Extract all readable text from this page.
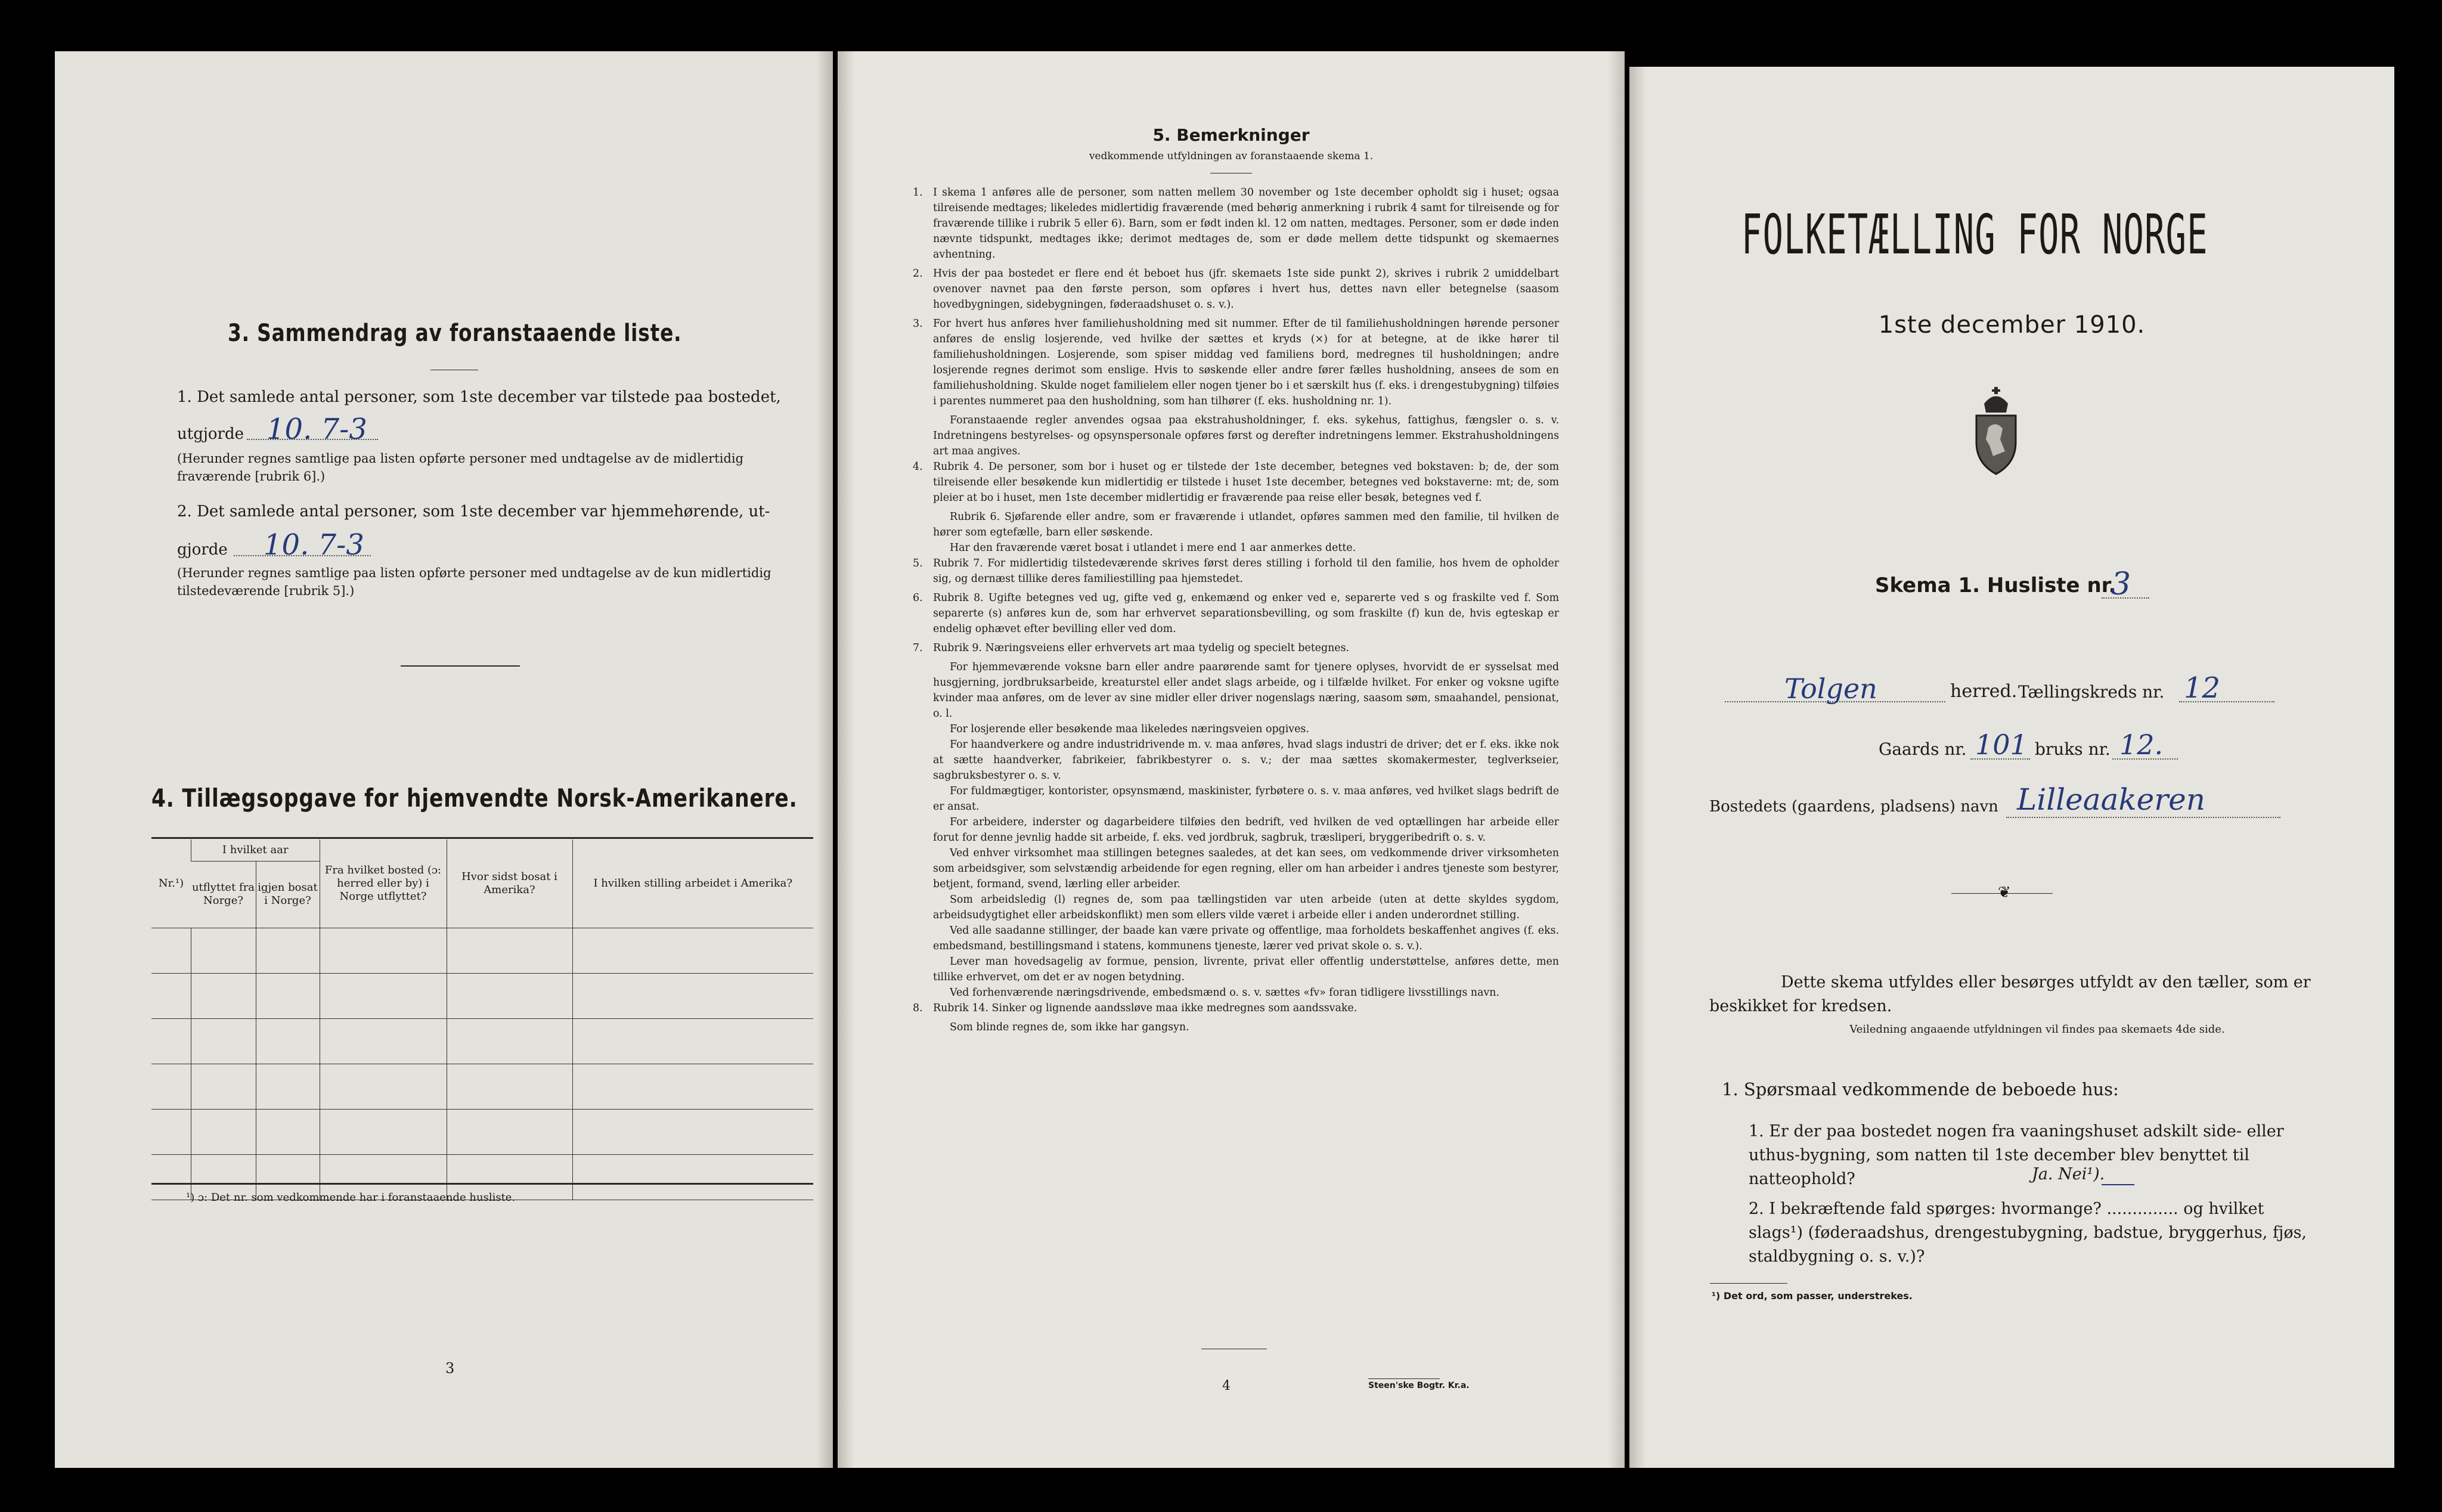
3. Sammendrag av foranstaaende liste.
1. Det samlede antal personer, som 1ste december var tilstede paa bostedet,
utgjorde 10. 7-3
(Herunder regnes samtlige paa listen opførte personer med undtagelse av de midlertidig fraværende [rubrik 6].)
2. Det samlede antal personer, som 1ste december var hjemmehørende, ut-
gjorde 10. 7-3
(Herunder regnes samtlige paa listen opførte personer med undtagelse av de kun midlertidig tilstedeværende [rubrik 5].)
4. Tillægsopgave for hjemvendte Norsk-Amerikanere.
Nr.¹)	I hvilket aar		Fra hvilket bosted (ɔ: herred eller by) i Norge utflyttet?	Hvor sidst bosat i Amerika?	I hvilken stilling arbeidet i Amerika?
	utflyttet fra Norge?	igjen bosat i Norge?			

¹) ɔ: Det nr. som vedkommende har i foranstaaende husliste.
3
5. Bemerkninger
vedkommende utfyldningen av foranstaaende skema 1.
1. I skema 1 anføres alle de personer, som natten mellem 30 november og 1ste december opholdt sig i huset; ogsaa tilreisende medtages; likeledes midlertidig fraværende (med behørig anmerkning i rubrik 4 samt for tilreisende og for fraværende tillike i rubrik 5 eller 6). Barn, som er født inden kl. 12 om natten, medtages. Personer, som er døde inden nævnte tidspunkt, medtages ikke; derimot medtages de, som er døde mellem dette tidspunkt og skemaernes avhentning.

2. Hvis der paa bostedet er flere end ét beboet hus (jfr. skemaets 1ste side punkt 2), skrives i rubrik 2 umiddelbart ovenover navnet paa den første person, som opføres i hvert hus, dettes navn eller betegnelse (saasom hovedbygningen, sidebygningen, føderaadshuset o. s. v.).

3. For hvert hus anføres hver familiehusholdning med sit nummer. Efter de til familiehusholdningen hørende personer anføres de enslig losjerende, ved hvilke der sættes et kryds (×) for at betegne, at de ikke hører til familiehusholdningen. Losjerende, som spiser middag ved familiens bord, medregnes til husholdningen; andre losjerende regnes derimot som enslige. Hvis to søskende eller andre fører fælles husholdning, ansees de som en familiehusholdning. Skulde noget familielem eller nogen tjener bo i et særskilt hus (f. eks. i drengestubygning) tilføies i parentes nummeret paa den husholdning, som han tilhører (f. eks. husholdning nr. 1).

Foranstaaende regler anvendes ogsaa paa ekstrahusholdninger, f. eks. sykehus, fattighus, fængsler o. s. v. Indretningens bestyrelses- og opsynspersonale opføres først og derefter indretningens lemmer. Ekstrahusholdningens art maa angives.

4. Rubrik 4. De personer, som bor i huset og er tilstede der 1ste december, betegnes ved bokstaven: b; de, der som tilreisende eller besøkende kun midlertidig er tilstede i huset 1ste december, betegnes ved bokstaverne: mt; de, som pleier at bo i huset, men 1ste december midlertidig er fraværende paa reise eller besøk, betegnes ved f.

Rubrik 6. Sjøfarende eller andre, som er fraværende i utlandet, opføres sammen med den familie, til hvilken de hører som egtefælle, barn eller søskende.

Har den fraværende været bosat i utlandet i mere end 1 aar anmerkes dette.

5. Rubrik 7. For midlertidig tilstedeværende skrives først deres stilling i forhold til den familie, hos hvem de opholder sig, og dernæst tillike deres familiestilling paa hjemstedet.

6. Rubrik 8. Ugifte betegnes ved ug, gifte ved g, enkemænd og enker ved e, separerte ved s og fraskilte ved f. Som separerte (s) anføres kun de, som har erhvervet separationsbevilling, og som fraskilte (f) kun de, hvis egteskap er endelig ophævet efter bevilling eller ved dom.

7. Rubrik 9. Næringsveiens eller erhvervets art maa tydelig og specielt betegnes.

For hjemmeværende voksne barn eller andre paarørende samt for tjenere oplyses, hvorvidt de er sysselsat med husgjerning, jordbruksarbeide, kreaturstel eller andet slags arbeide, og i tilfælde hvilket. For enker og voksne ugifte kvinder maa anføres, om de lever av sine midler eller driver nogenslags næring, saasom søm, smaahandel, pensionat, o. l.

For losjerende eller besøkende maa likeledes næringsveien opgives.

For haandverkere og andre industridrivende m. v. maa anføres, hvad slags industri de driver; det er f. eks. ikke nok at sætte haandverker, fabrikeier, fabrikbestyrer o. s. v.; der maa sættes skomakermester, teglverkseier, sagbruksbestyrer o. s. v.

For fuldmægtiger, kontorister, opsynsmænd, maskinister, fyrbøtere o. s. v. maa anføres, ved hvilket slags bedrift de er ansat.

For arbeidere, inderster og dagarbeidere tilføies den bedrift, ved hvilken de ved optællingen har arbeide eller forut for denne jevnlig hadde sit arbeide, f. eks. ved jordbruk, sagbruk, træsliperi, bryggeribedrift o. s. v.

Ved enhver virksomhet maa stillingen betegnes saaledes, at det kan sees, om vedkommende driver virksomheten som arbeidsgiver, som selvstændig arbeidende for egen regning, eller om han arbeider i andres tjeneste som bestyrer, betjent, formand, svend, lærling eller arbeider.

Som arbeidsledig (l) regnes de, som paa tællingstiden var uten arbeide (uten at dette skyldes sygdom, arbeidsudygtighet eller arbeidskonflikt) men som ellers vilde været i arbeide eller i anden underordnet stilling.

Ved alle saadanne stillinger, der baade kan være private og offentlige, maa forholdets beskaffenhet angives (f. eks. embedsmand, bestillingsmand i statens, kommunens tjeneste, lærer ved privat skole o. s. v.).

Lever man hovedsagelig av formue, pension, livrente, privat eller offentlig understøttelse, anføres dette, men tillike erhvervet, om det er av nogen betydning.

Ved forhenværende næringsdrivende, embedsmænd o. s. v. sættes «fv» foran tidligere livsstillings navn.

8. Rubrik 14. Sinker og lignende aandssløve maa ikke medregnes som aandssvake.

Som blinde regnes de, som ikke har gangsyn.

4	Steen'ske Bogtr. Kr.a.
FOLKETÆLLING FOR NORGE
1ste december 1910.
Skema 1. Husliste nr.
3
Tolgen	herred. Tællingskreds nr. 12
Gaards nr. 101 bruks nr. 12.
Bostedets (gaardens, pladsens) navn Lilleaakeren
❦
Dette skema utfyldes eller besørges utfyldt av den tæller, som er beskikket for kredsen.
Veiledning angaaende utfyldningen vil findes paa skemaets 4de side.
1. Spørsmaal vedkommende de beboede hus:
1. Er der paa bostedet nogen fra vaaningshuset adskilt side- eller uthus-bygning, som natten til 1ste december blev benyttet til natteophold?	Ja. Nei¹).
2. I bekræftende fald spørges: hvormange? .............. og hvilket slags¹) (føderaadshus, drengestubygning, badstue, bryggerhus, fjøs, staldbygning o. s. v.)?
¹) Det ord, som passer, understrekes.
